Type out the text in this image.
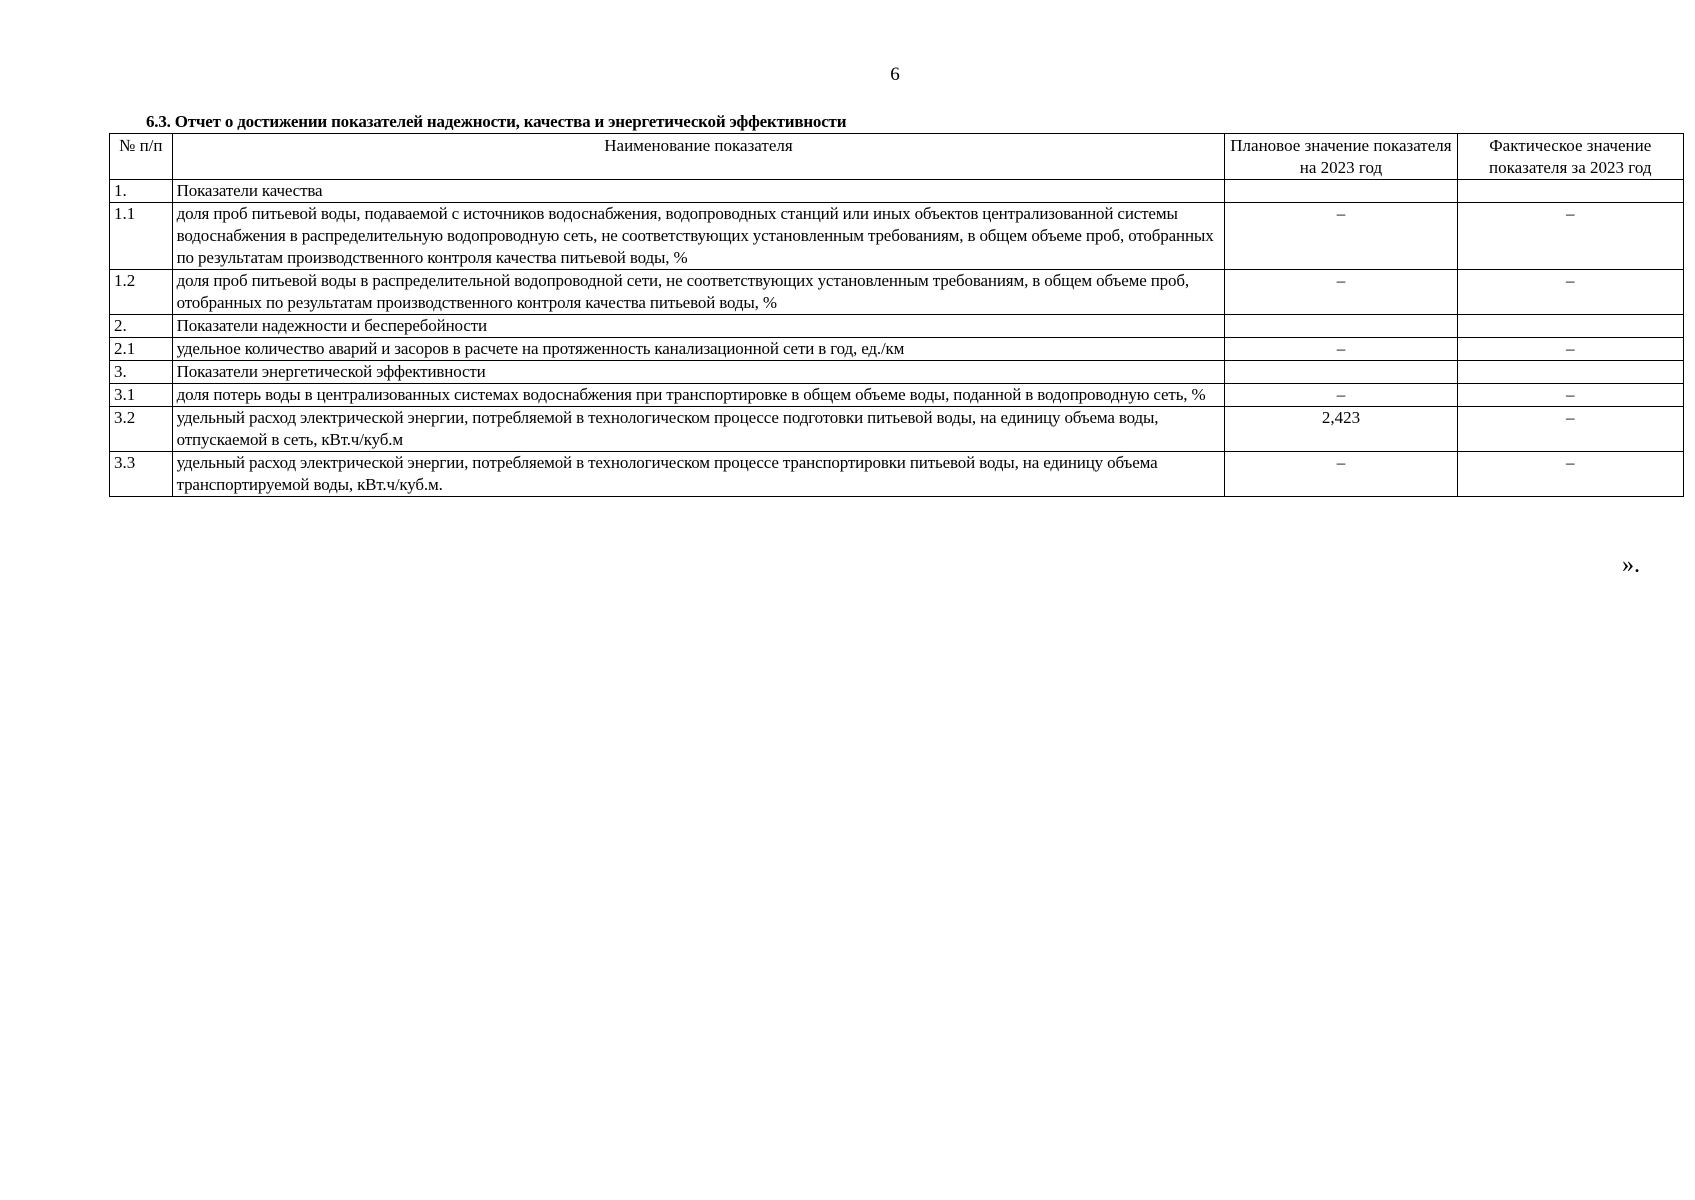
6
6.3. Отчет о достижении показателей надежности, качества и энергетической эффективности
№ п/п	Наименование показателя	Плановое значение показателя на 2023 год	Фактическое значение показателя за 2023 год
1.	Показатели качества		
1.1	доля проб питьевой воды, подаваемой с источников водоснабжения, водопроводных станций или иных объектов централизованной системы водоснабжения в распределительную водопроводную сеть, не соответствующих установленным требованиям, в общем объеме проб, отобранных по результатам производственного контроля качества питьевой воды, %	–	–
1.2	доля проб питьевой воды в распределительной водопроводной сети, не соответствующих установленным требованиям, в общем объеме проб, отобранных по результатам производственного контроля качества питьевой воды, %	–	–
2.	Показатели надежности и бесперебойности		
2.1	удельное количество аварий и засоров в расчете на протяженность канализационной сети в год, ед./км	–	–
3.	Показатели энергетической эффективности		
3.1	доля потерь воды в централизованных системах водоснабжения при транспортировке в общем объеме воды, поданной в водопроводную сеть, %	–	–
3.2	удельный расход электрической энергии, потребляемой в технологическом процессе подготовки питьевой воды, на единицу объема воды, отпускаемой в сеть, кВт.ч/куб.м	2,423	–
3.3	удельный расход электрической энергии, потребляемой в технологическом процессе транспортировки питьевой воды, на единицу объема транспортируемой воды, кВт.ч/куб.м.	–	–
».
